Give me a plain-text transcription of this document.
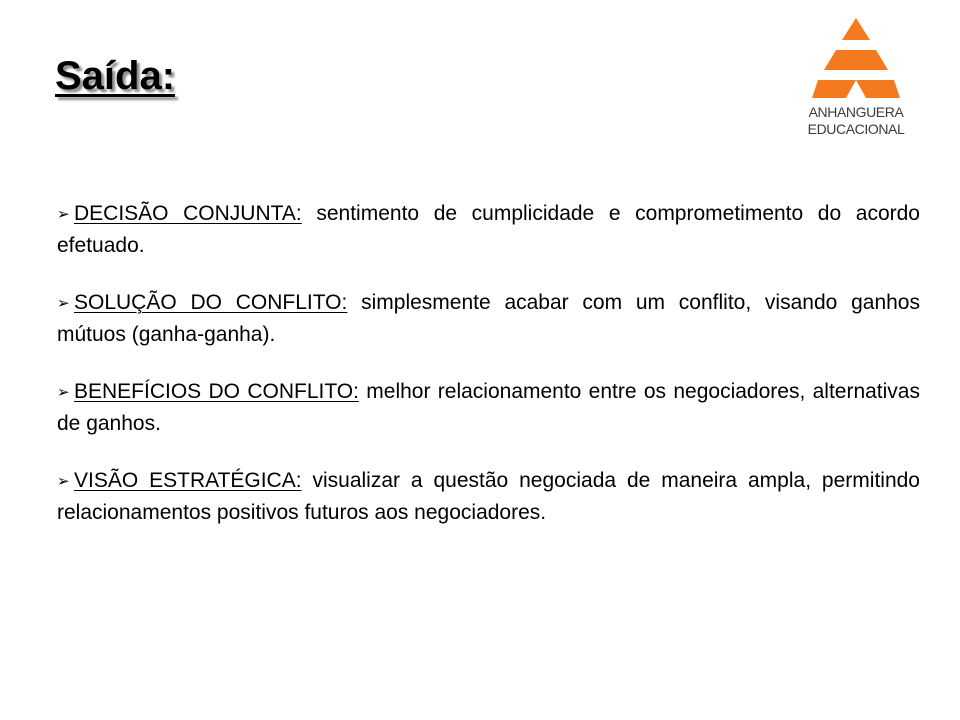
Saída:
ANHANGUERA
EDUCACIONAL

➢ DECISÃO CONJUNTA: sentimento de cumplicidade e comprometimento do acordo efetuado.

➢ SOLUÇÃO DO CONFLITO: simplesmente acabar com um conflito, visando ganhos mútuos (ganha-ganha).

➢ BENEFÍCIOS DO CONFLITO: melhor relacionamento entre os negociadores, alternativas de ganhos.

➢ VISÃO ESTRATÉGICA: visualizar a questão negociada de maneira ampla, permitindo relacionamentos positivos futuros aos negociadores.
